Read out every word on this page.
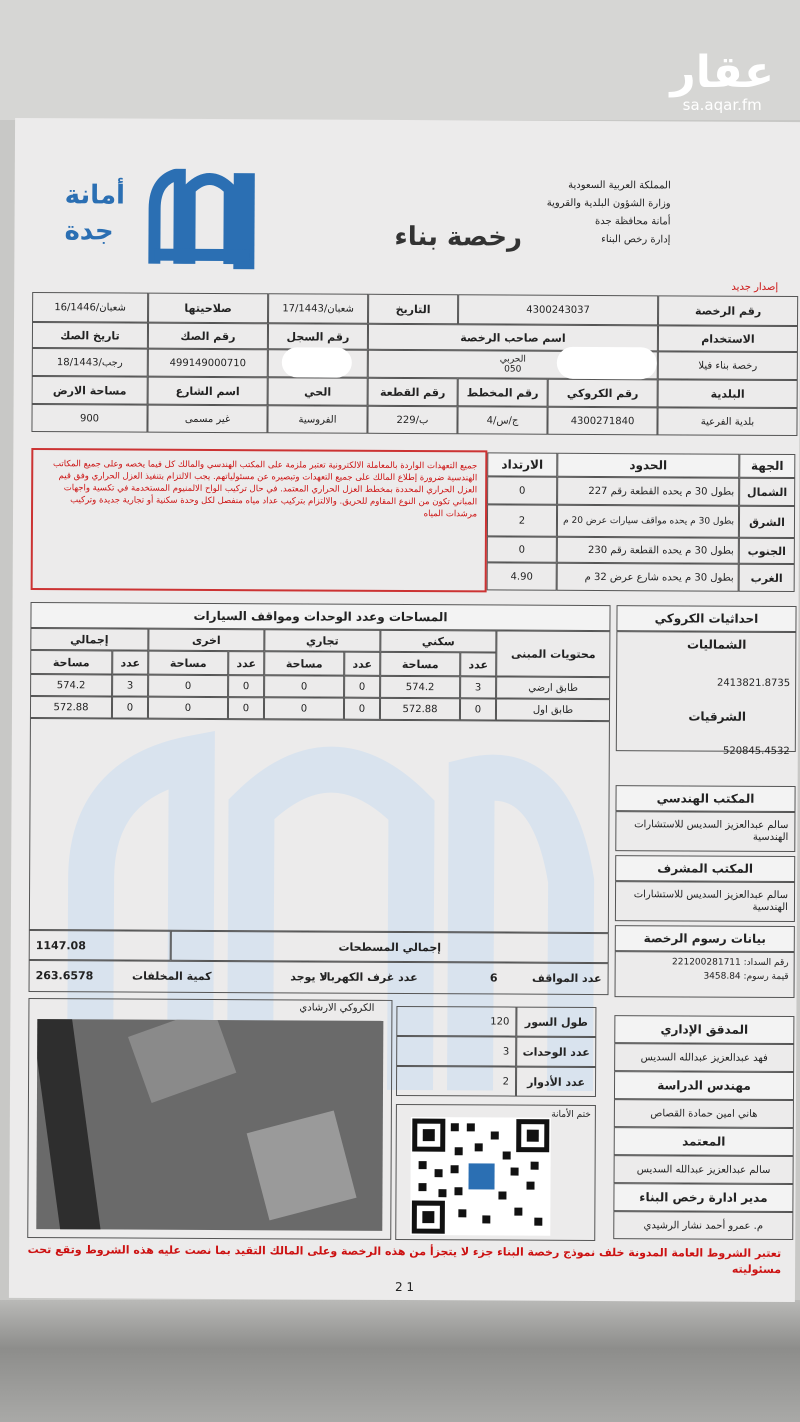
عقار
sa.aqar.fm
المملكة العربية السعودية
وزارة الشؤون البلدية والقروية
أمانة محافظة جدة
إدارة رخص البناء
رخصة بناء
أمانة
جدة
إصدار جديد
رقم الرخصة
4300243037
التاريخ
17/شعبان/1443
صلاحيتها
16/شعبان/1446
الاستخدام
اسم صاحب الرخصة
رقم السجل
رقم الصك
تاريخ الصك
رخصة بناء فيلا
الحربي
050
499149000710
18/رجب/1443
البلدية
رقم الكروكي
رقم المخطط
رقم القطعة
الحي
اسم الشارع
مساحة الارض
بلدية الفرعية
4300271840
4/ج/س
229/ب
الفروسية
غير مسمى
900
الجهة
الحدود
الارتداد
الشمال
بطول 30 م يحده القطعة رقم 227
0
الشرق
بطول 30 م يحده مواقف سيارات عرض 20 م
2
الجنوب
بطول 30 م يحده القطعة رقم 230
0
الغرب
بطول 30 م يحده شارع عرض 32 م
4.90
جميع التعهدات الواردة بالمعاملة الالكترونية تعتبر ملزمة على المكتب الهندسي والمالك كل فيما يخصه وعلى جميع المكاتب الهندسية ضرورة إطلاع المالك على جميع التعهدات وتبصيره عن مسئولياتهم. يجب الالتزام بتنفيذ العزل الحراري وفق قيم العزل الحراري المحددة بمخطط العزل الحراري المعتمد. في حال تركيب الواح الالمنيوم المستخدمة في تكسية واجهات المباني تكون من النوع المقاوم للحريق. والالتزام بتركيب عداد مياه منفصل لكل وحدة سكنية أو تجارية جديدة وتركيب مرشدات المياه
المساحات وعدد الوحدات ومواقف السيارات
محتويات المبنى
سكني
تجاري
اخرى
إجمالي
عدد
مساحة
عدد
مساحة
عدد
مساحة
عدد
مساحة
طابق ارضي
3
574.2
0
0
0
0
3
574.2
طابق اول
0
572.88
0
0
0
0
0
572.88
إجمالي المسطحات
1147.08
عدد المواقف
6
عدد غرف الكهرباء
لا يوجد
كمية المخلفات
263.6578
احداثيات الكروكي
الشماليات
2413821.8735
الشرقيات
520845.4532
المكتب الهندسي
سالم عبدالعزيز السديس للاستشارات الهندسية
المكتب المشرف
سالم عبدالعزيز السديس للاستشارات الهندسية
بيانات رسوم الرخصة
رقم السداد: 221200281711
قيمة رسوم: 3458.84
الكروكي الارشادي
طول السور
120
عدد الوحدات
3
عدد الأدوار
2
ختم الأمانة
المدقق الإداري
فهد عبدالعزيز عبدالله السديس
مهندس الدراسة
هاني امين حمادة القصاص
المعتمد
سالم عبدالعزيز عبدالله السديس
مدير ادارة رخص البناء
م. عمرو أحمد نشار الرشيدي
تعتبر الشروط العامة المدونة خلف نموذج رخصة البناء جزء لا يتجزأ من هذه الرخصة وعلى المالك التقيد بما نصت عليه هذه الشروط وتقع تحت مسئوليته
2 1
